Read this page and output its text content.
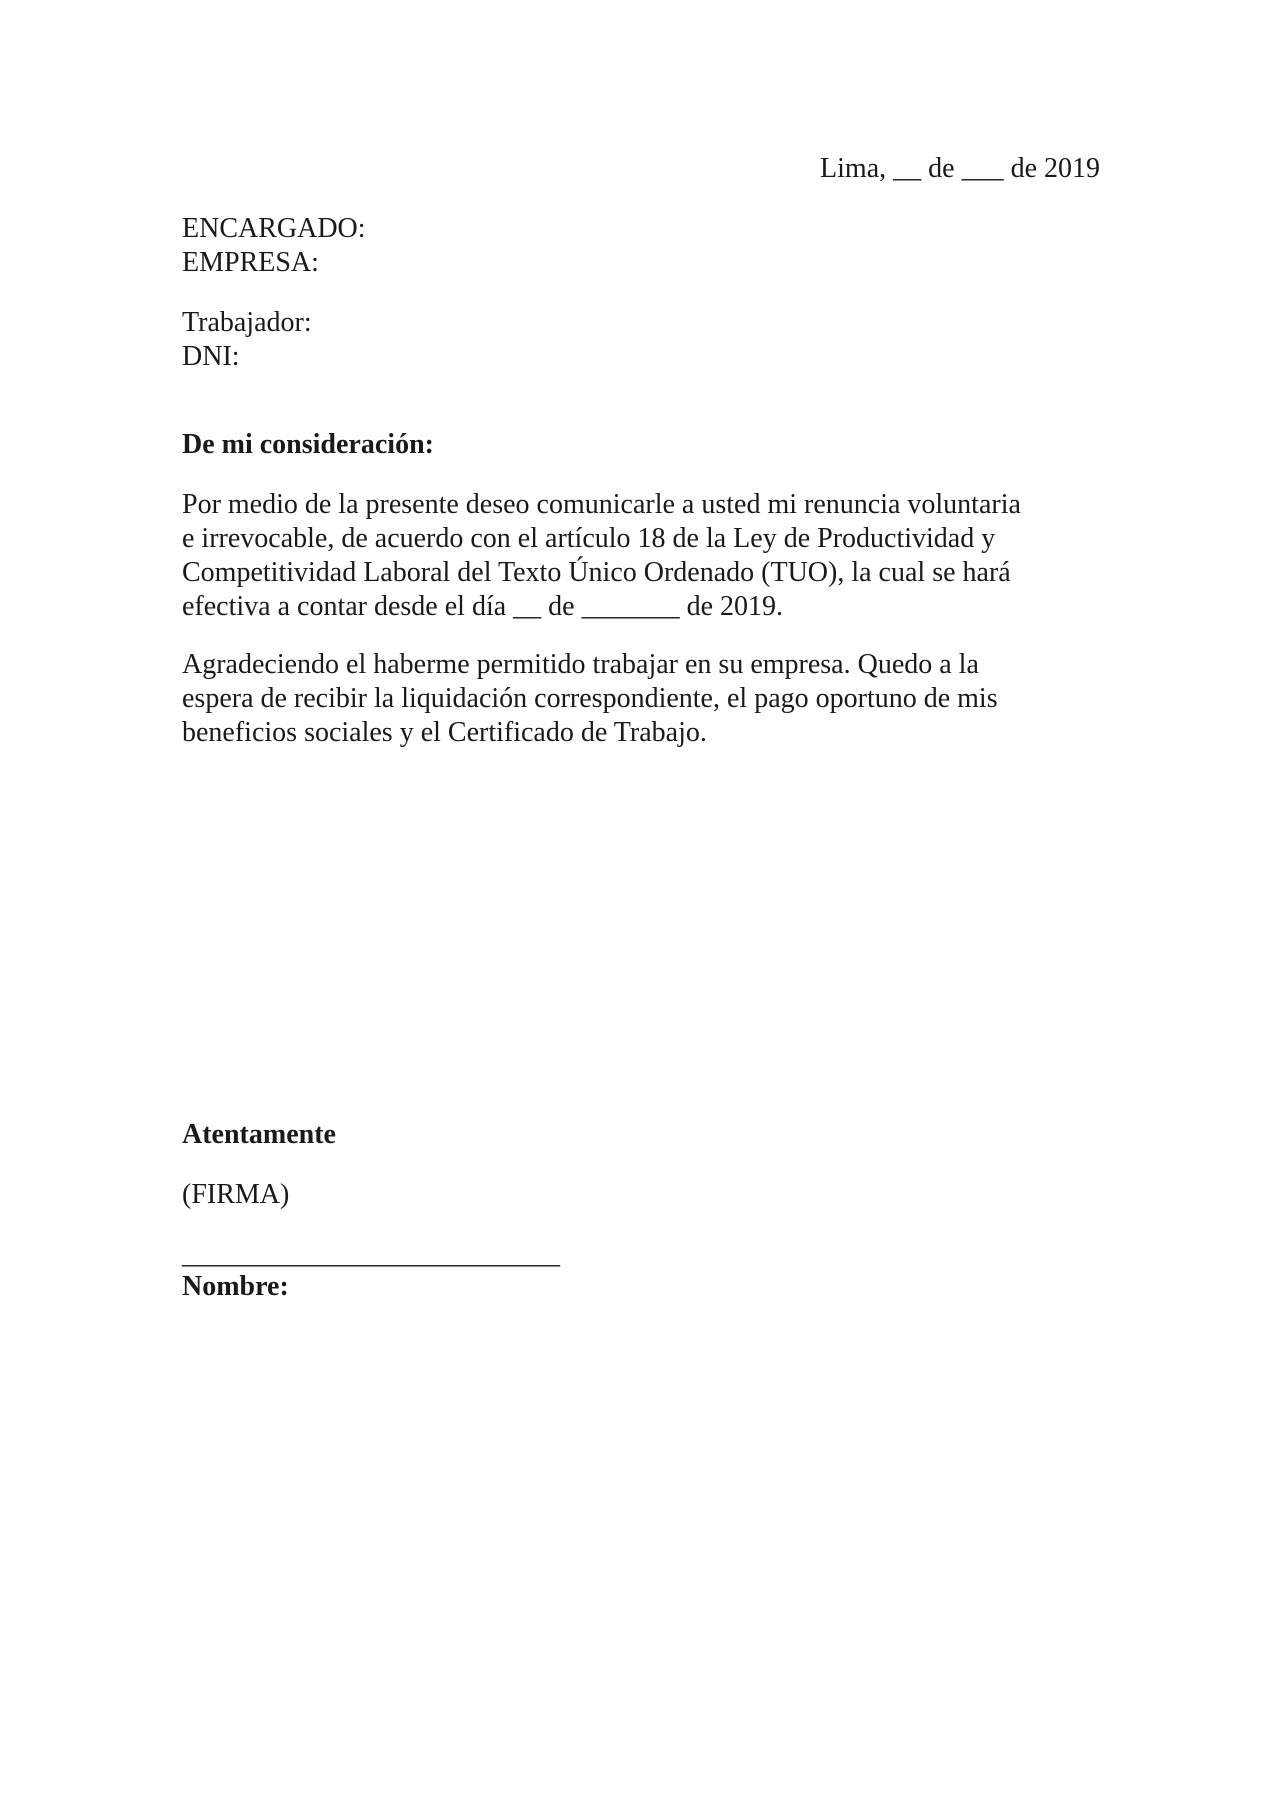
Lima, __ de ___ de 2019
ENCARGADO:
EMPRESA:
Trabajador:
DNI:
De mi consideración:
Por medio de la presente deseo comunicarle a usted mi renuncia voluntaria
e irrevocable, de acuerdo con el artículo 18 de la Ley de Productividad y
Competitividad Laboral del Texto Único Ordenado (TUO), la cual se hará
efectiva a contar desde el día __ de _______ de 2019.
Agradeciendo el haberme permitido trabajar en su empresa. Quedo a la
espera de recibir la liquidación correspondiente, el pago oportuno de mis
beneficios sociales y el Certificado de Trabajo.
Atentamente
(FIRMA)
___________________________
Nombre:
